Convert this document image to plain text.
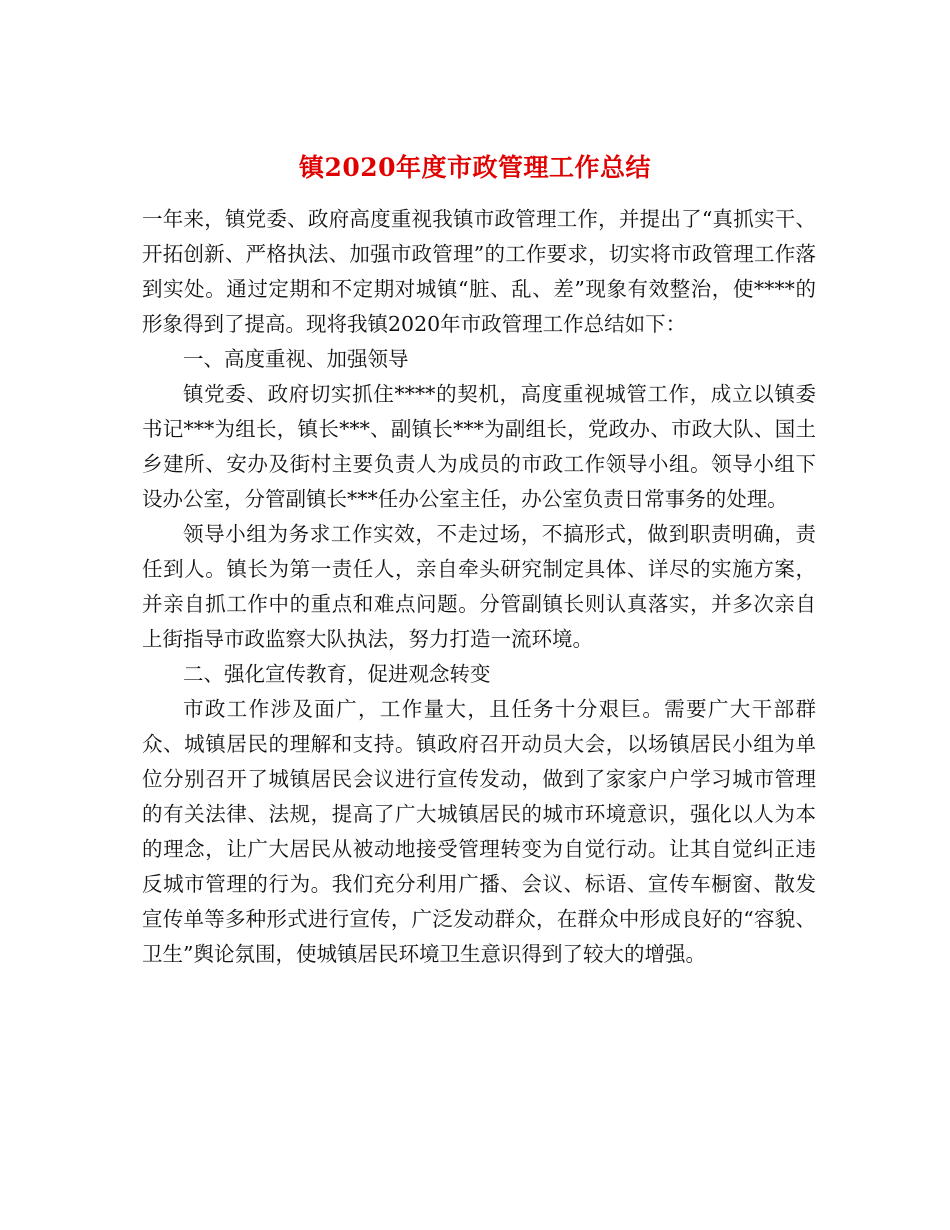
镇2020年度市政管理工作总结

一年来，镇党委、政府高度重视我镇市政管理工作，并提出了“真抓实干、开拓创新、严格执法、加强市政管理”的工作要求，切实将市政管理工作落到实处。通过定期和不定期对城镇“脏、乱、差”现象有效整治，使****的形象得到了提高。现将我镇2020年市政管理工作总结如下：

一、高度重视、加强领导

镇党委、政府切实抓住****的契机，高度重视城管工作，成立以镇委书记***为组长，镇长***、副镇长***为副组长，党政办、市政大队、国土乡建所、安办及街村主要负责人为成员的市政工作领导小组。领导小组下设办公室，分管副镇长***任办公室主任，办公室负责日常事务的处理。

领导小组为务求工作实效，不走过场，不搞形式，做到职责明确，责任到人。镇长为第一责任人，亲自牵头研究制定具体、详尽的实施方案，并亲自抓工作中的重点和难点问题。分管副镇长则认真落实，并多次亲自上街指导市政监察大队执法，努力打造一流环境。

二、强化宣传教育，促进观念转变

市政工作涉及面广，工作量大，且任务十分艰巨。需要广大干部群众、城镇居民的理解和支持。镇政府召开动员大会，以场镇居民小组为单位分别召开了城镇居民会议进行宣传发动，做到了家家户户学习城市管理的有关法律、法规，提高了广大城镇居民的城市环境意识，强化以人为本的理念，让广大居民从被动地接受管理转变为自觉行动。让其自觉纠正违反城市管理的行为。我们充分利用广播、会议、标语、宣传车橱窗、散发宣传单等多种形式进行宣传，广泛发动群众，在群众中形成良好的“容貌、卫生”舆论氛围，使城镇居民环境卫生意识得到了较大的增强。
